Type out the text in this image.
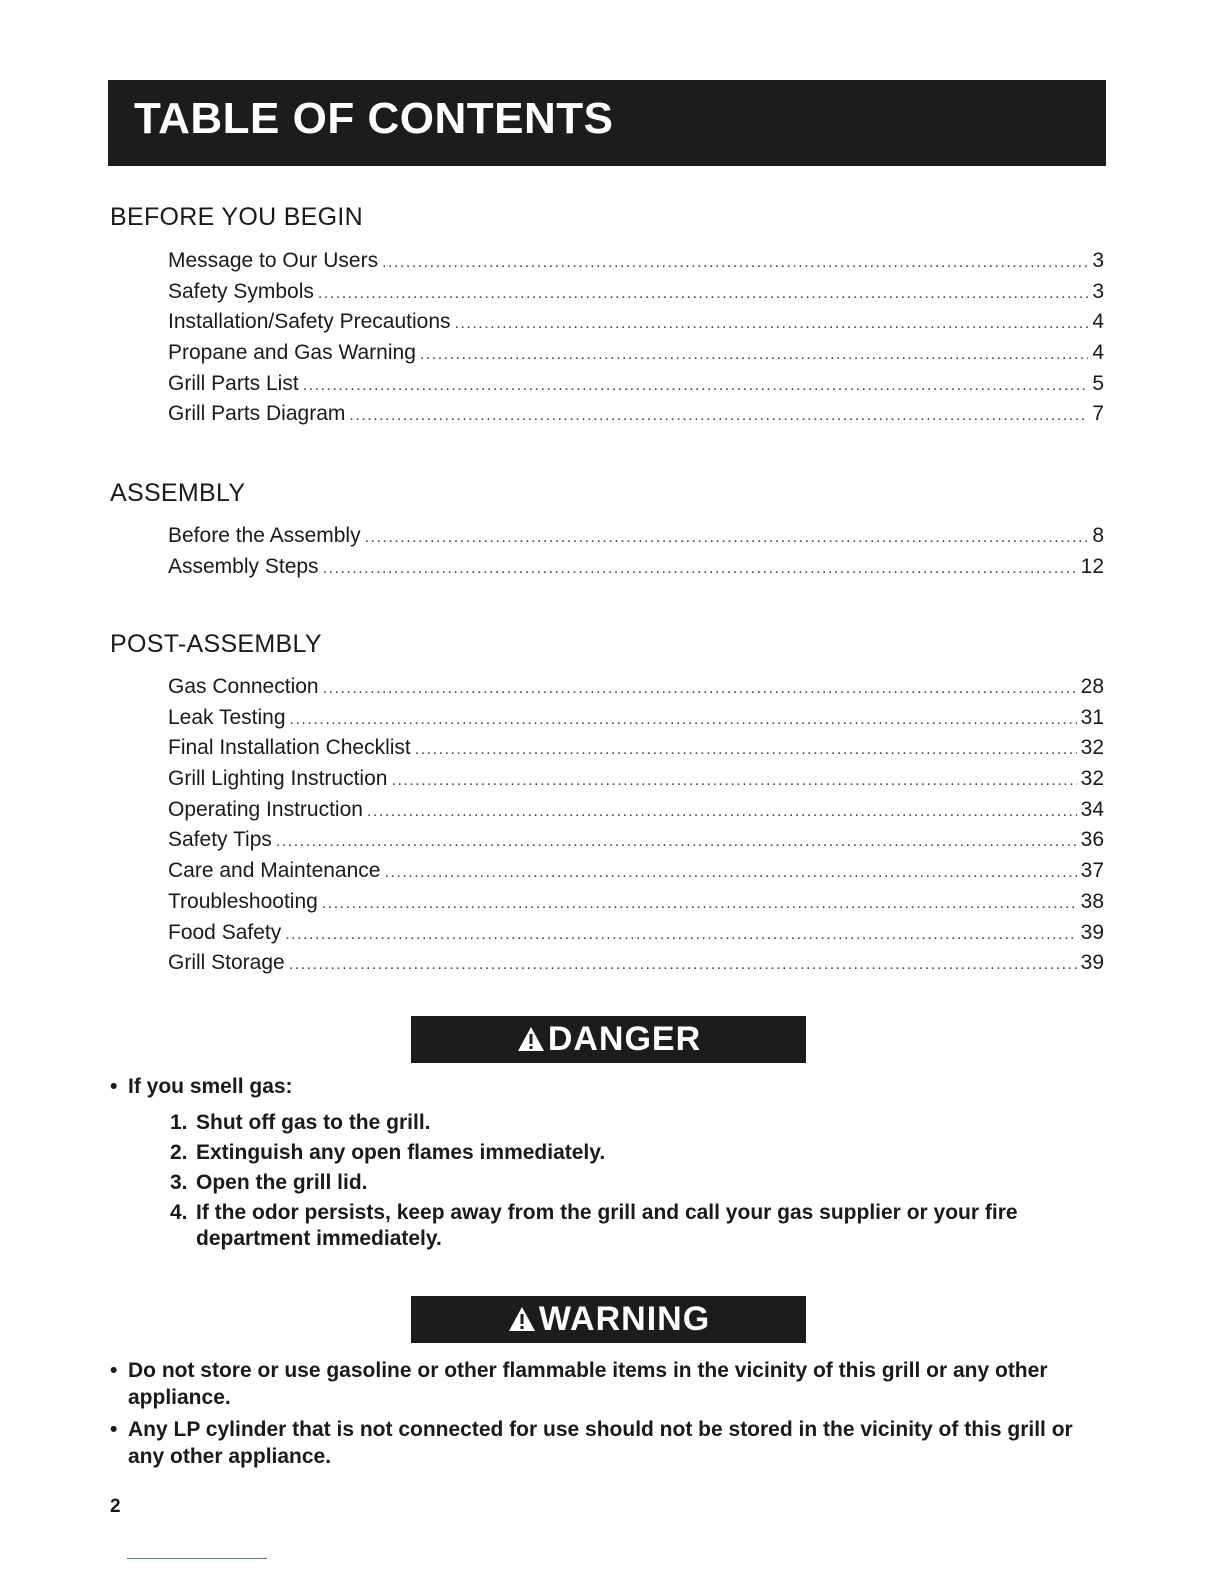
TABLE OF CONTENTS
BEFORE YOU BEGIN
Message to Our Users .....	3
Safety Symbols .....	3
Installation/Safety Precautions .....	4
Propane and Gas Warning .....	4
Grill Parts List .....	5
Grill Parts Diagram .....	7
ASSEMBLY
Before the Assembly .....	8
Assembly Steps .....	12
POST-ASSEMBLY
Gas Connection .....	28
Leak Testing .....	31
Final Installation Checklist .....	32
Grill Lighting Instruction .....	32
Operating Instruction .....	34
Safety Tips .....	36
Care and Maintenance .....	37
Troubleshooting .....	38
Food Safety .....	39
Grill Storage .....	39
DANGER
• If you smell gas:
1. Shut off gas to the grill.
2. Extinguish any open flames immediately.
3. Open the grill lid.
4. If the odor persists, keep away from the grill and call your gas supplier or your fire department immediately.
WARNING
• Do not store or use gasoline or other flammable items in the vicinity of this grill or any other appliance.
• Any LP cylinder that is not connected for use should not be stored in the vicinity of this grill or any other appliance.
2
